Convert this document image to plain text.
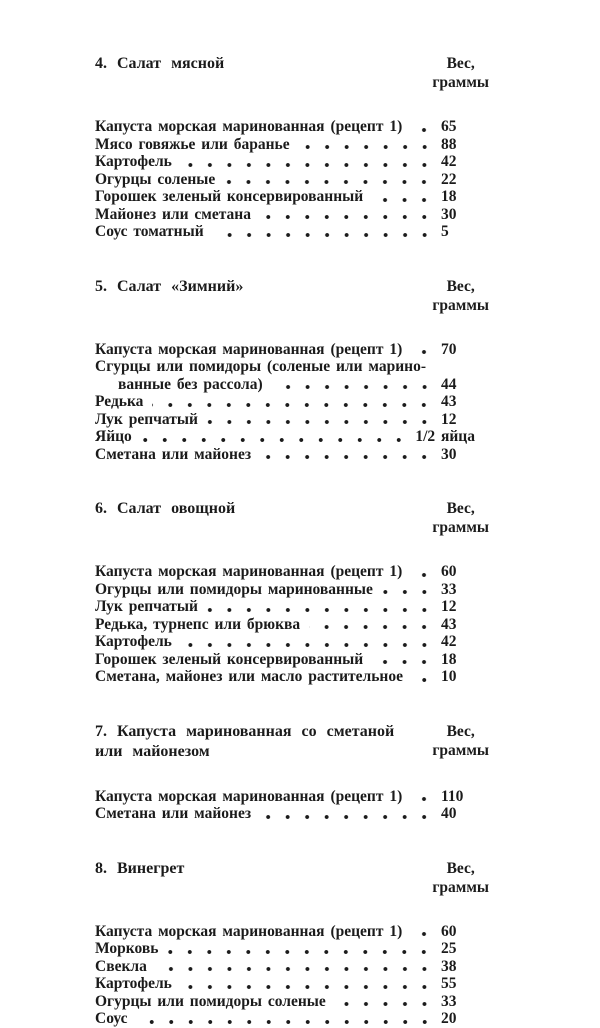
4. Салат мясной	Вес,
граммы
Капуста морская маринованная (рецепт 1)	65
Мясо говяжье или баранье	88
Картофель	42
Огурцы соленые	22
Горошек зеленый консервированный	18
Майонез или сметана	30
Соус томатный	5
5. Салат «Зимний»	Вес,
граммы
Капуста морская маринованная (рецепт 1)	70
Сгурцы или помидоры (соленые или марино-
ванные без рассола)	44
Редька	43
Лук репчатый	12
Яйцо	1/2 яйца
Сметана или майонез	30
6. Салат овощной	Вес,
граммы
Капуста морская маринованная (рецепт 1)	60
Огурцы или помидоры маринованные	33
Лук репчатый	12
Редька, турнепс или брюква	43
Картофель	42
Горошек зеленый консервированный	18
Сметана, майонез или масло растительное 10
7. Капуста маринованная со сметаной
или майонезом
Вес,
граммы
Капуста морская маринованная (рецепт 1)	110
Сметана или майонез	40
8. Винегрет	Вес,
граммы
Капуста морская маринованная (рецепт 1)	60
Морковь	25
Свекла	38
Картофель	55
Огурцы или помидоры соленые	33
Соус	20
